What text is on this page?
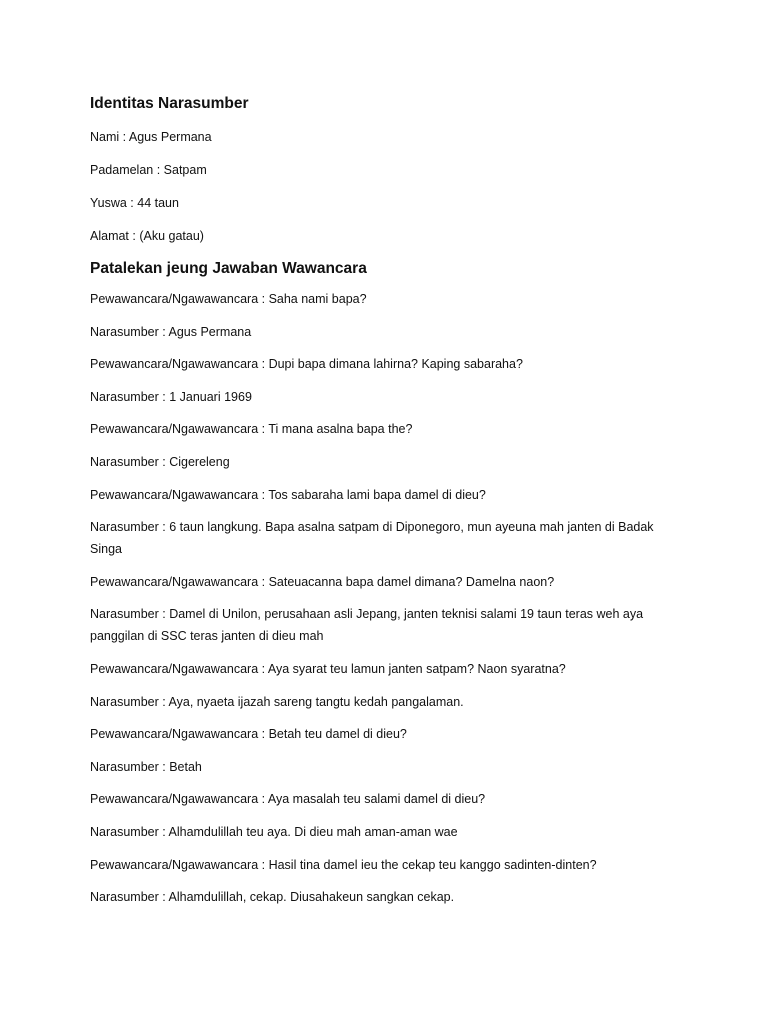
Identitas Narasumber

Nami : Agus Permana

Padamelan : Satpam

Yuswa : 44 taun

Alamat : (Aku gatau)

Patalekan jeung Jawaban Wawancara

Pewawancara/Ngawawancara : Saha nami bapa?

Narasumber : Agus Permana

Pewawancara/Ngawawancara : Dupi bapa dimana lahirna? Kaping sabaraha?

Narasumber : 1 Januari 1969

Pewawancara/Ngawawancara : Ti mana asalna bapa the?

Narasumber : Cigereleng

Pewawancara/Ngawawancara : Tos sabaraha lami bapa damel di dieu?

Narasumber : 6 taun langkung. Bapa asalna satpam di Diponegoro, mun ayeuna mah janten di Badak Singa

Pewawancara/Ngawawancara : Sateuacanna bapa damel dimana? Damelna naon?

Narasumber : Damel di Unilon, perusahaan asli Jepang, janten teknisi salami 19 taun teras weh aya panggilan di SSC teras janten di dieu mah

Pewawancara/Ngawawancara : Aya syarat teu lamun janten satpam? Naon syaratna?

Narasumber : Aya, nyaeta ijazah sareng tangtu kedah pangalaman.

Pewawancara/Ngawawancara : Betah teu damel di dieu?

Narasumber : Betah

Pewawancara/Ngawawancara : Aya masalah teu salami damel di dieu?

Narasumber : Alhamdulillah teu aya. Di dieu mah aman-aman wae

Pewawancara/Ngawawancara : Hasil tina damel ieu the cekap teu kanggo sadinten-dinten?

Narasumber : Alhamdulillah, cekap. Diusahakeun sangkan cekap.
